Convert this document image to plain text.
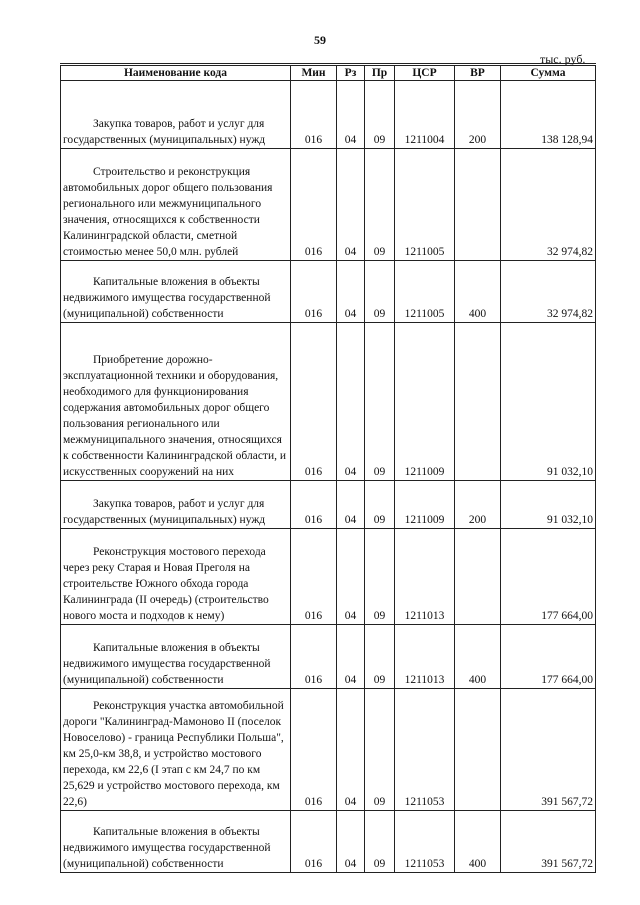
59
тыс. руб.
Наименование кода	Мин	Рз	Пр	ЦСР	ВР	Сумма
Закупка товаров, работ и услуг для государственных (муниципальных) нужд	016	04	09	1211004	200	138 128,94
Строительство и реконструкция автомобильных дорог общего пользования регионального или межмуниципального значения, относящихся к собственности Калининградской области, сметной стоимостью менее 50,0 млн. рублей	016	04	09	1211005		32 974,82
Капитальные вложения в объекты недвижимого имущества государственной (муниципальной) собственности	016	04	09	1211005	400	32 974,82
Приобретение дорожно-эксплуатационной техники и оборудования, необходимого для функционирования содержания автомобильных дорог общего пользования регионального или межмуниципального значения, относящихся к собственности Калининградской области, и искусственных сооружений на них	016	04	09	1211009		91 032,10
Закупка товаров, работ и услуг для государственных (муниципальных) нужд	016	04	09	1211009	200	91 032,10
Реконструкция мостового перехода через реку Старая и Новая Преголя на строительстве Южного обхода города Калининграда (II очередь) (строительство нового моста и подходов к нему)	016	04	09	1211013		177 664,00
Капитальные вложения в объекты недвижимого имущества государственной (муниципальной) собственности	016	04	09	1211013	400	177 664,00
Реконструкция участка автомобильной дороги "Калининград-Мамоново II (поселок Новоселово) - граница Республики Польша", км 25,0-км 38,8, и устройство мостового перехода, км 22,6 (I этап с км 24,7 по км 25,629 и устройство мостового перехода, км 22,6)	016	04	09	1211053		391 567,72
Капитальные вложения в объекты недвижимого имущества государственной (муниципальной) собственности	016	04	09	1211053	400	391 567,72
